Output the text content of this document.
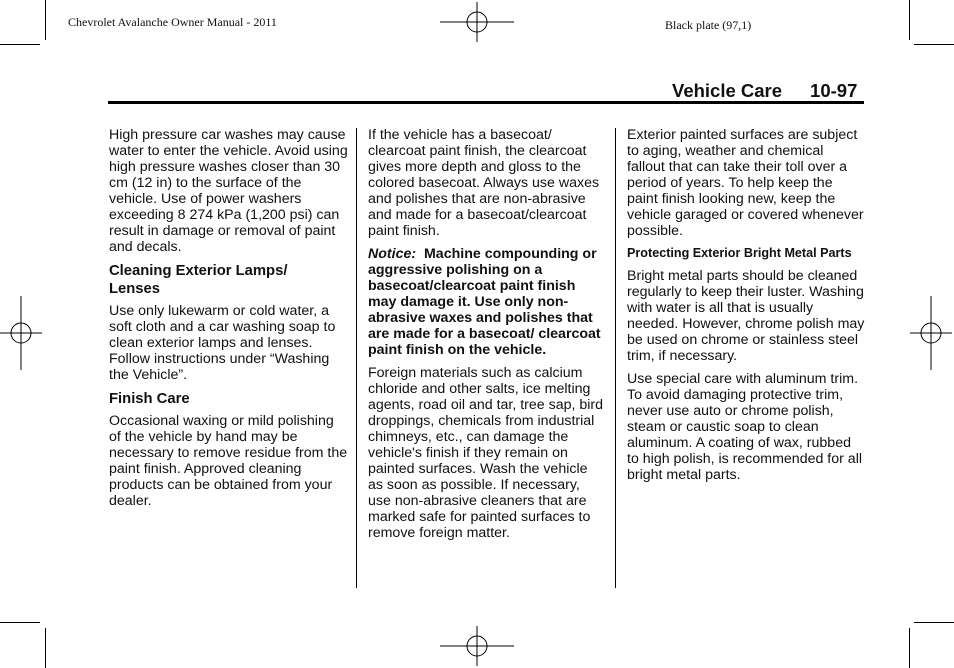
Chevrolet Avalanche Owner Manual - 2011	Black plate (97,1)
Vehicle Care 10-97

High pressure car washes may cause water to enter the vehicle. Avoid using high pressure washes closer than 30 cm (12 in) to the surface of the vehicle. Use of power washers exceeding 8 274 kPa (1,200 psi) can result in damage or removal of paint and decals.

Cleaning Exterior Lamps/ Lenses

Use only lukewarm or cold water, a soft cloth and a car washing soap to clean exterior lamps and lenses. Follow instructions under “Washing the Vehicle”.

Finish Care

Occasional waxing or mild polishing of the vehicle by hand may be necessary to remove residue from the paint finish. Approved cleaning products can be obtained from your dealer.

If the vehicle has a basecoat/ clearcoat paint finish, the clearcoat gives more depth and gloss to the colored basecoat. Always use waxes and polishes that are non-abrasive and made for a basecoat/clearcoat paint finish.

Notice: Machine compounding or aggressive polishing on a basecoat/clearcoat paint finish may damage it. Use only non-abrasive waxes and polishes that are made for a basecoat/ clearcoat paint finish on the vehicle.

Foreign materials such as calcium chloride and other salts, ice melting agents, road oil and tar, tree sap, bird droppings, chemicals from industrial chimneys, etc., can damage the vehicle's finish if they remain on painted surfaces. Wash the vehicle as soon as possible. If necessary, use non-abrasive cleaners that are marked safe for painted surfaces to remove foreign matter.

Exterior painted surfaces are subject to aging, weather and chemical fallout that can take their toll over a period of years. To help keep the paint finish looking new, keep the vehicle garaged or covered whenever possible.

Protecting Exterior Bright Metal Parts

Bright metal parts should be cleaned regularly to keep their luster. Washing with water is all that is usually needed. However, chrome polish may be used on chrome or stainless steel trim, if necessary.

Use special care with aluminum trim. To avoid damaging protective trim, never use auto or chrome polish, steam or caustic soap to clean aluminum. A coating of wax, rubbed to high polish, is recommended for all bright metal parts.
